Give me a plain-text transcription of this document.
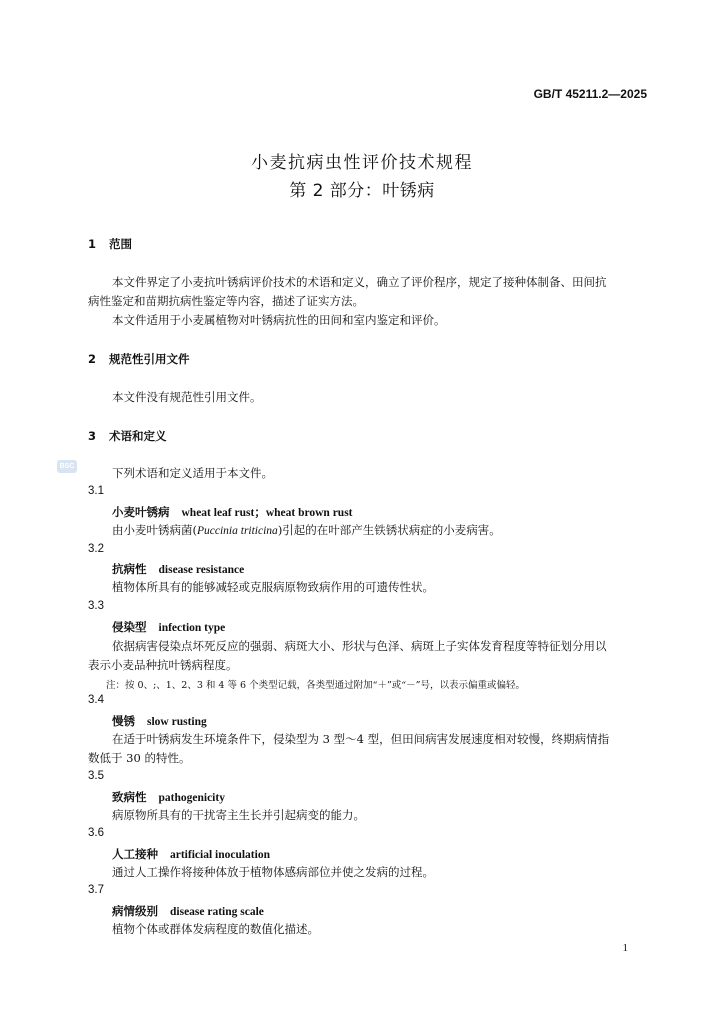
GB/T 45211.2—2025
小麦抗病虫性评价技术规程
第 2 部分：叶锈病
BSC
1 范围
本文件界定了小麦抗叶锈病评价技术的术语和定义，确立了评价程序，规定了接种体制备、田间抗
病性鉴定和苗期抗病性鉴定等内容，描述了证实方法。
本文件适用于小麦属植物对叶锈病抗性的田间和室内鉴定和评价。
2 规范性引用文件
本文件没有规范性引用文件。
3 术语和定义
下列术语和定义适用于本文件。
3.1
小麦叶锈病 wheat leaf rust；wheat brown rust
由小麦叶锈病菌(Puccinia triticina)引起的在叶部产生铁锈状病症的小麦病害。
3.2
抗病性 disease resistance
植物体所具有的能够减轻或克服病原物致病作用的可遗传性状。
3.3
侵染型 infection type
依据病害侵染点坏死反应的强弱、病斑大小、形状与色泽、病斑上子实体发育程度等特征划分用以
表示小麦品种抗叶锈病程度。
注：按 0、;、1、2、3 和 4 等 6 个类型记载，各类型通过附加“＋”或“－”号，以表示偏重或偏轻。
3.4
慢锈 slow rusting
在适于叶锈病发生环境条件下，侵染型为 3 型～4 型，但田间病害发展速度相对较慢，终期病情指
数低于 30 的特性。
3.5
致病性 pathogenicity
病原物所具有的干扰寄主生长并引起病变的能力。
3.6
人工接种 artificial inoculation
通过人工操作将接种体放于植物体感病部位并使之发病的过程。
3.7
病情级别 disease rating scale
植物个体或群体发病程度的数值化描述。
1
